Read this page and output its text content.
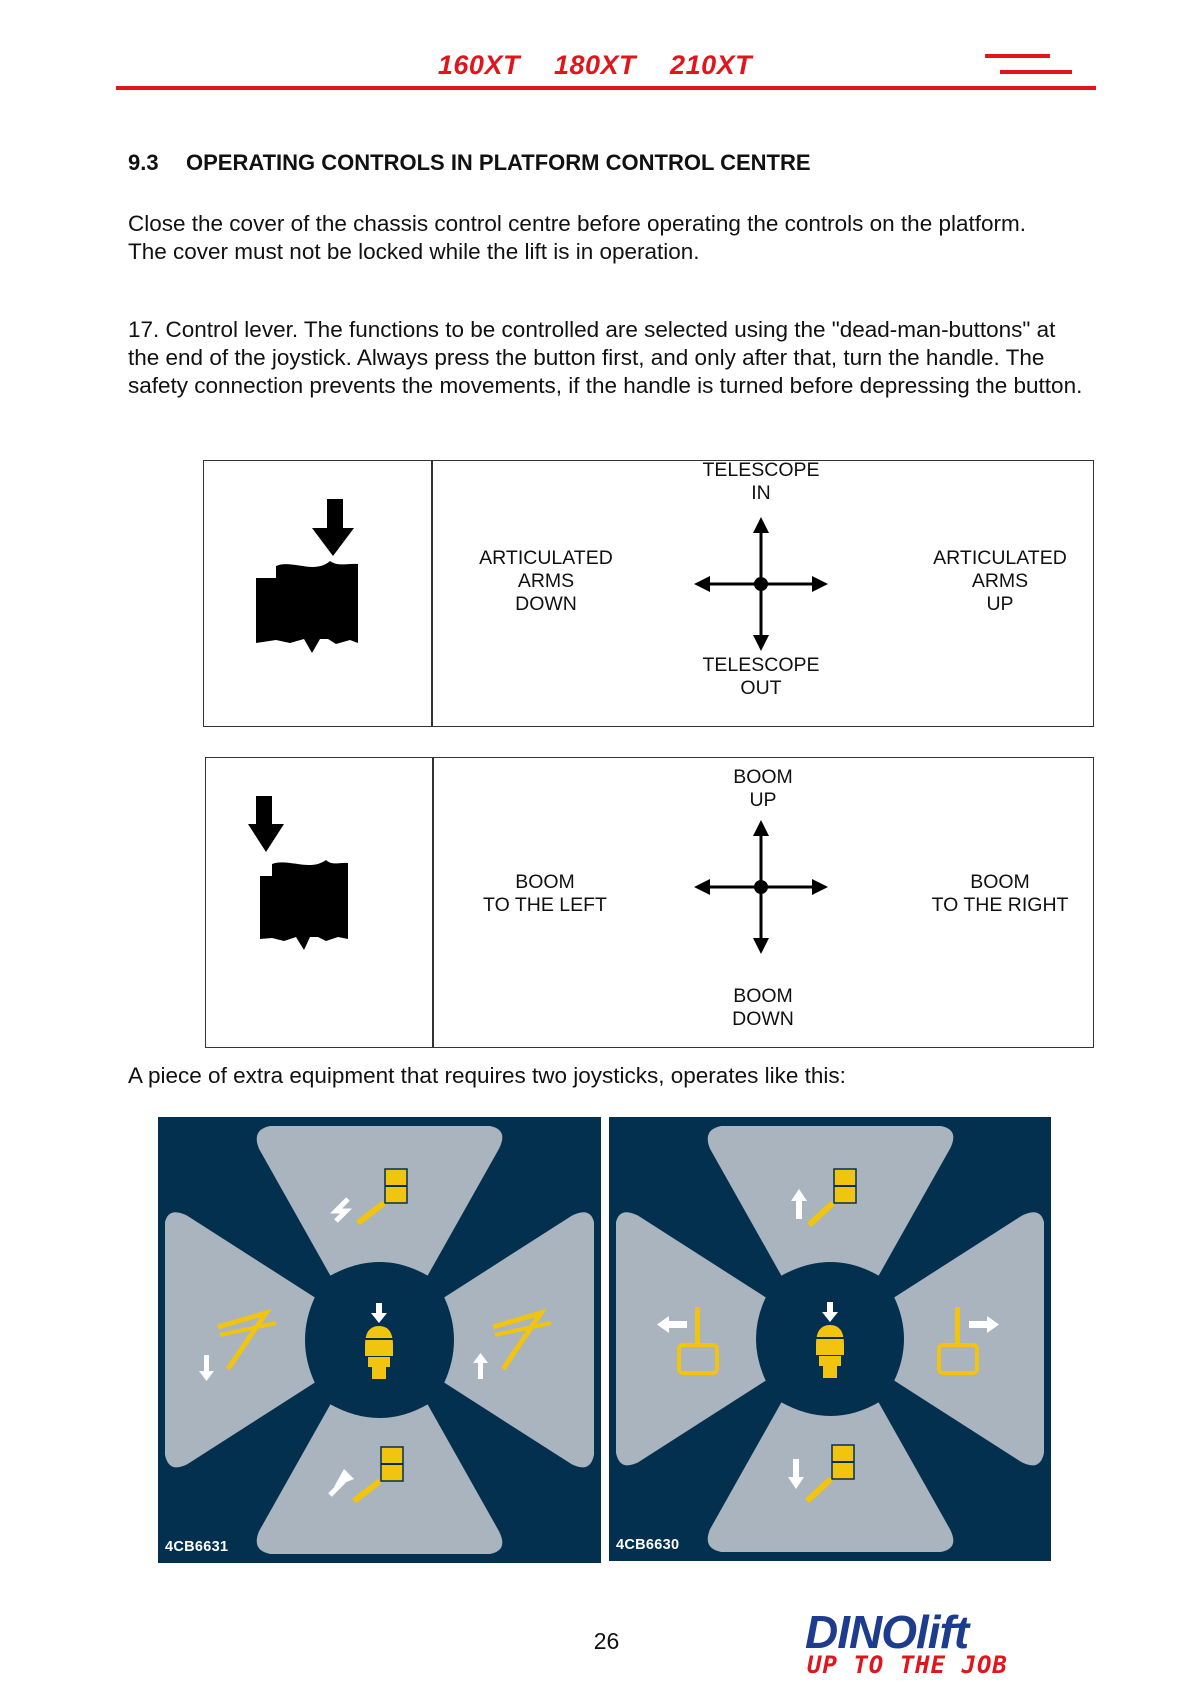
160XT 180XT 210XT
9.3 OPERATING CONTROLS IN PLATFORM CONTROL CENTRE
Close the cover of the chassis control centre before operating the controls on the platform.
The cover must not be locked while the lift is in operation.
17. Control lever. The functions to be controlled are selected using the "dead-man-buttons" at the end of the joystick. Always press the button first, and only after that, turn the handle. The safety connection prevents the movements, if the handle is turned before depressing the button.
TELESCOPE
IN
TELESCOPE
OUT
ARTICULATED
ARMS
DOWN
ARTICULATED
ARMS
UP
BOOM
UP
BOOM
DOWN
BOOM
TO THE LEFT
BOOM
TO THE RIGHT
A piece of extra equipment that requires two joysticks, operates like this:
4CB6631	4CB6630
26	DINOlift
UP TO THE JOB
